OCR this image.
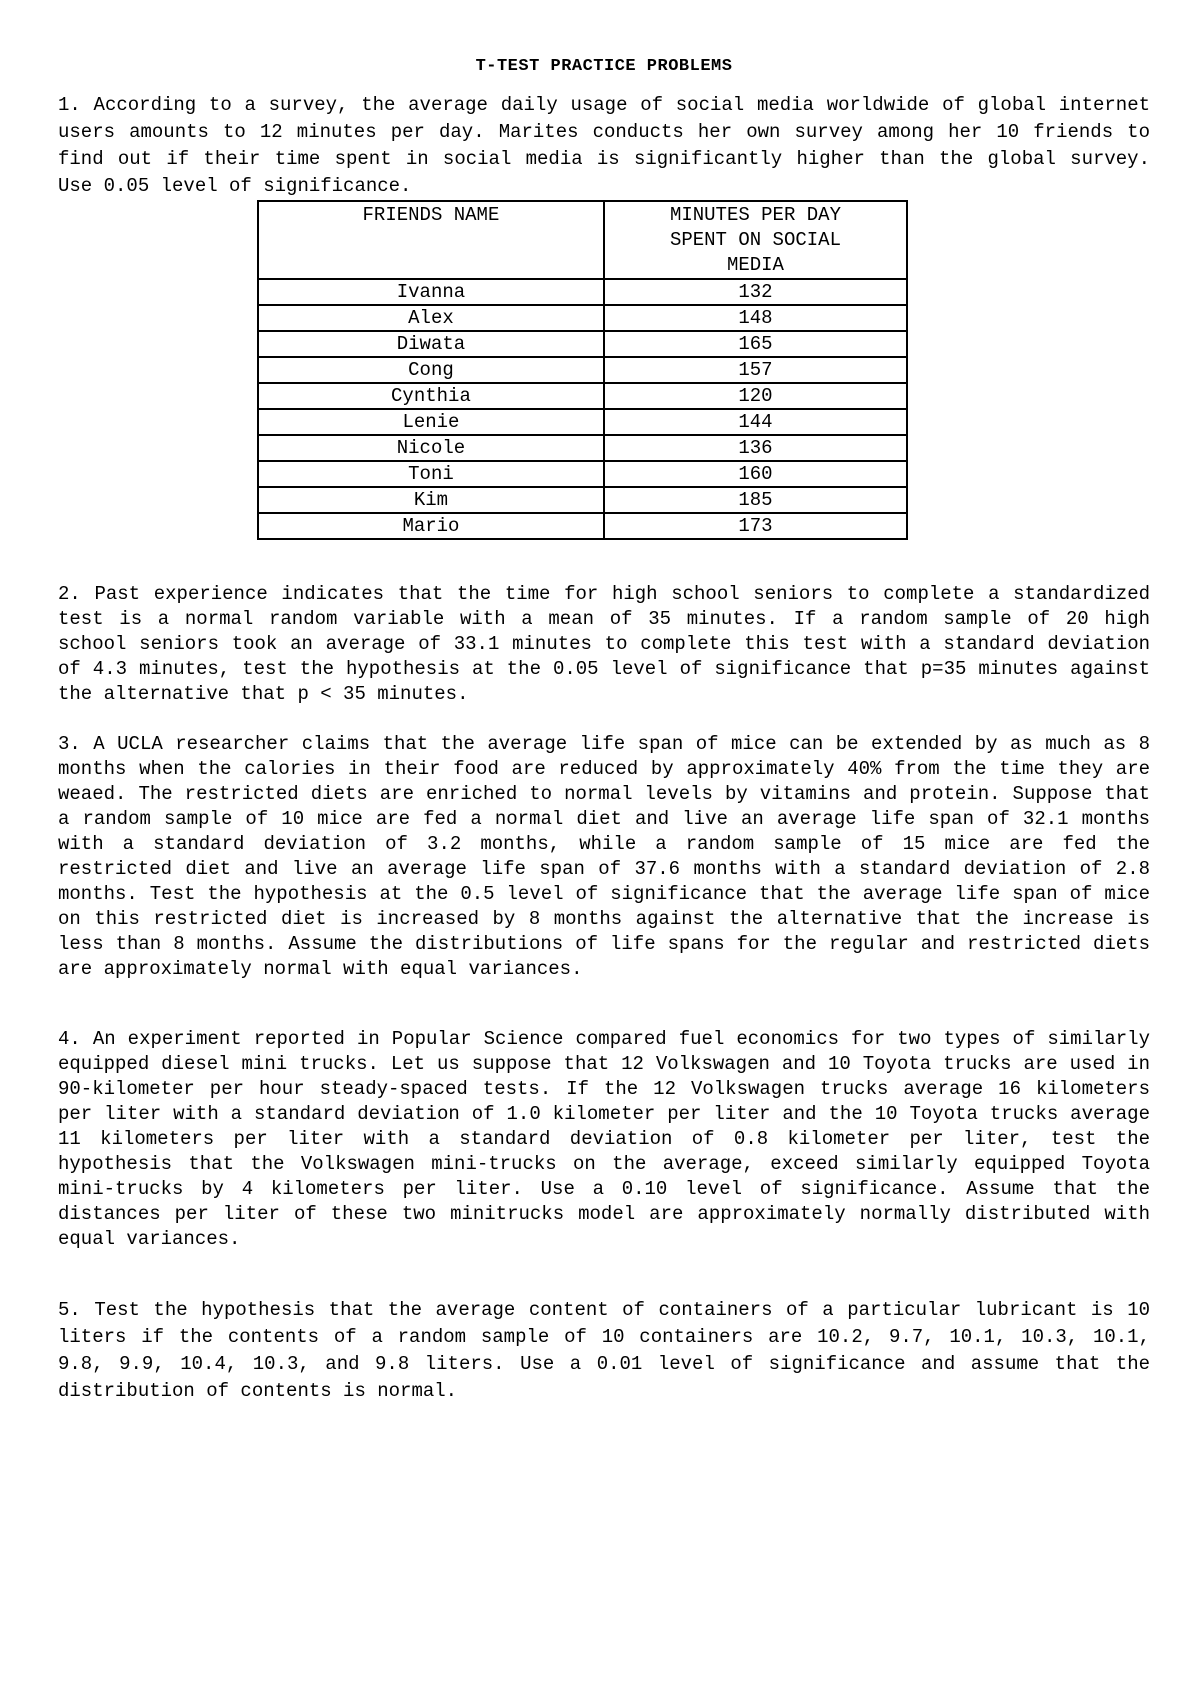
T-TEST PRACTICE PROBLEMS

1. According to a survey, the average daily usage of social media worldwide of global internet users amounts to 12 minutes per day. Marites conducts her own survey among her 10 friends to find out if their time spent in social media is significantly higher than the global survey. Use 0.05 level of significance.

FRIENDS NAME	MINUTES PER DAY
SPENT ON SOCIAL
MEDIA

Ivanna	132
Alex	148
Diwata	165
Cong	157
Cynthia	120
Lenie	144
Nicole	136
Toni	160
Kim	185
Mario	173

2. Past experience indicates that the time for high school seniors to complete a standardized test is a normal random variable with a mean of 35 minutes. If a random sample of 20 high school seniors took an average of 33.1 minutes to complete this test with a standard deviation of 4.3 minutes, test the hypothesis at the 0.05 level of significance that p=35 minutes against the alternative that p < 35 minutes.

3. A UCLA researcher claims that the average life span of mice can be extended by as much as 8 months when the calories in their food are reduced by approximately 40% from the time they are weaed. The restricted diets are enriched to normal levels by vitamins and protein. Suppose that a random sample of 10 mice are fed a normal diet and live an average life span of 32.1 months with a standard deviation of 3.2 months, while a random sample of 15 mice are fed the restricted diet and live an average life span of 37.6 months with a standard deviation of 2.8 months. Test the hypothesis at the 0.5 level of significance that the average life span of mice on this restricted diet is increased by 8 months against the alternative that the increase is less than 8 months. Assume the distributions of life spans for the regular and restricted diets are approximately normal with equal variances.

4. An experiment reported in Popular Science compared fuel economics for two types of similarly equipped diesel mini trucks. Let us suppose that 12 Volkswagen and 10 Toyota trucks are used in 90-kilometer per hour steady-spaced tests. If the 12 Volkswagen trucks average 16 kilometers per liter with a standard deviation of 1.0 kilometer per liter and the 10 Toyota trucks average 11 kilometers per liter with a standard deviation of 0.8 kilometer per liter, test the hypothesis that the Volkswagen mini-trucks on the average, exceed similarly equipped Toyota mini-trucks by 4 kilometers per liter. Use a 0.10 level of significance. Assume that the distances per liter of these two minitrucks model are approximately normally distributed with equal variances.

5. Test the hypothesis that the average content of containers of a particular lubricant is 10 liters if the contents of a random sample of 10 containers are 10.2, 9.7, 10.1, 10.3, 10.1, 9.8, 9.9, 10.4, 10.3, and 9.8 liters. Use a 0.01 level of significance and assume that the distribution of contents is normal.
